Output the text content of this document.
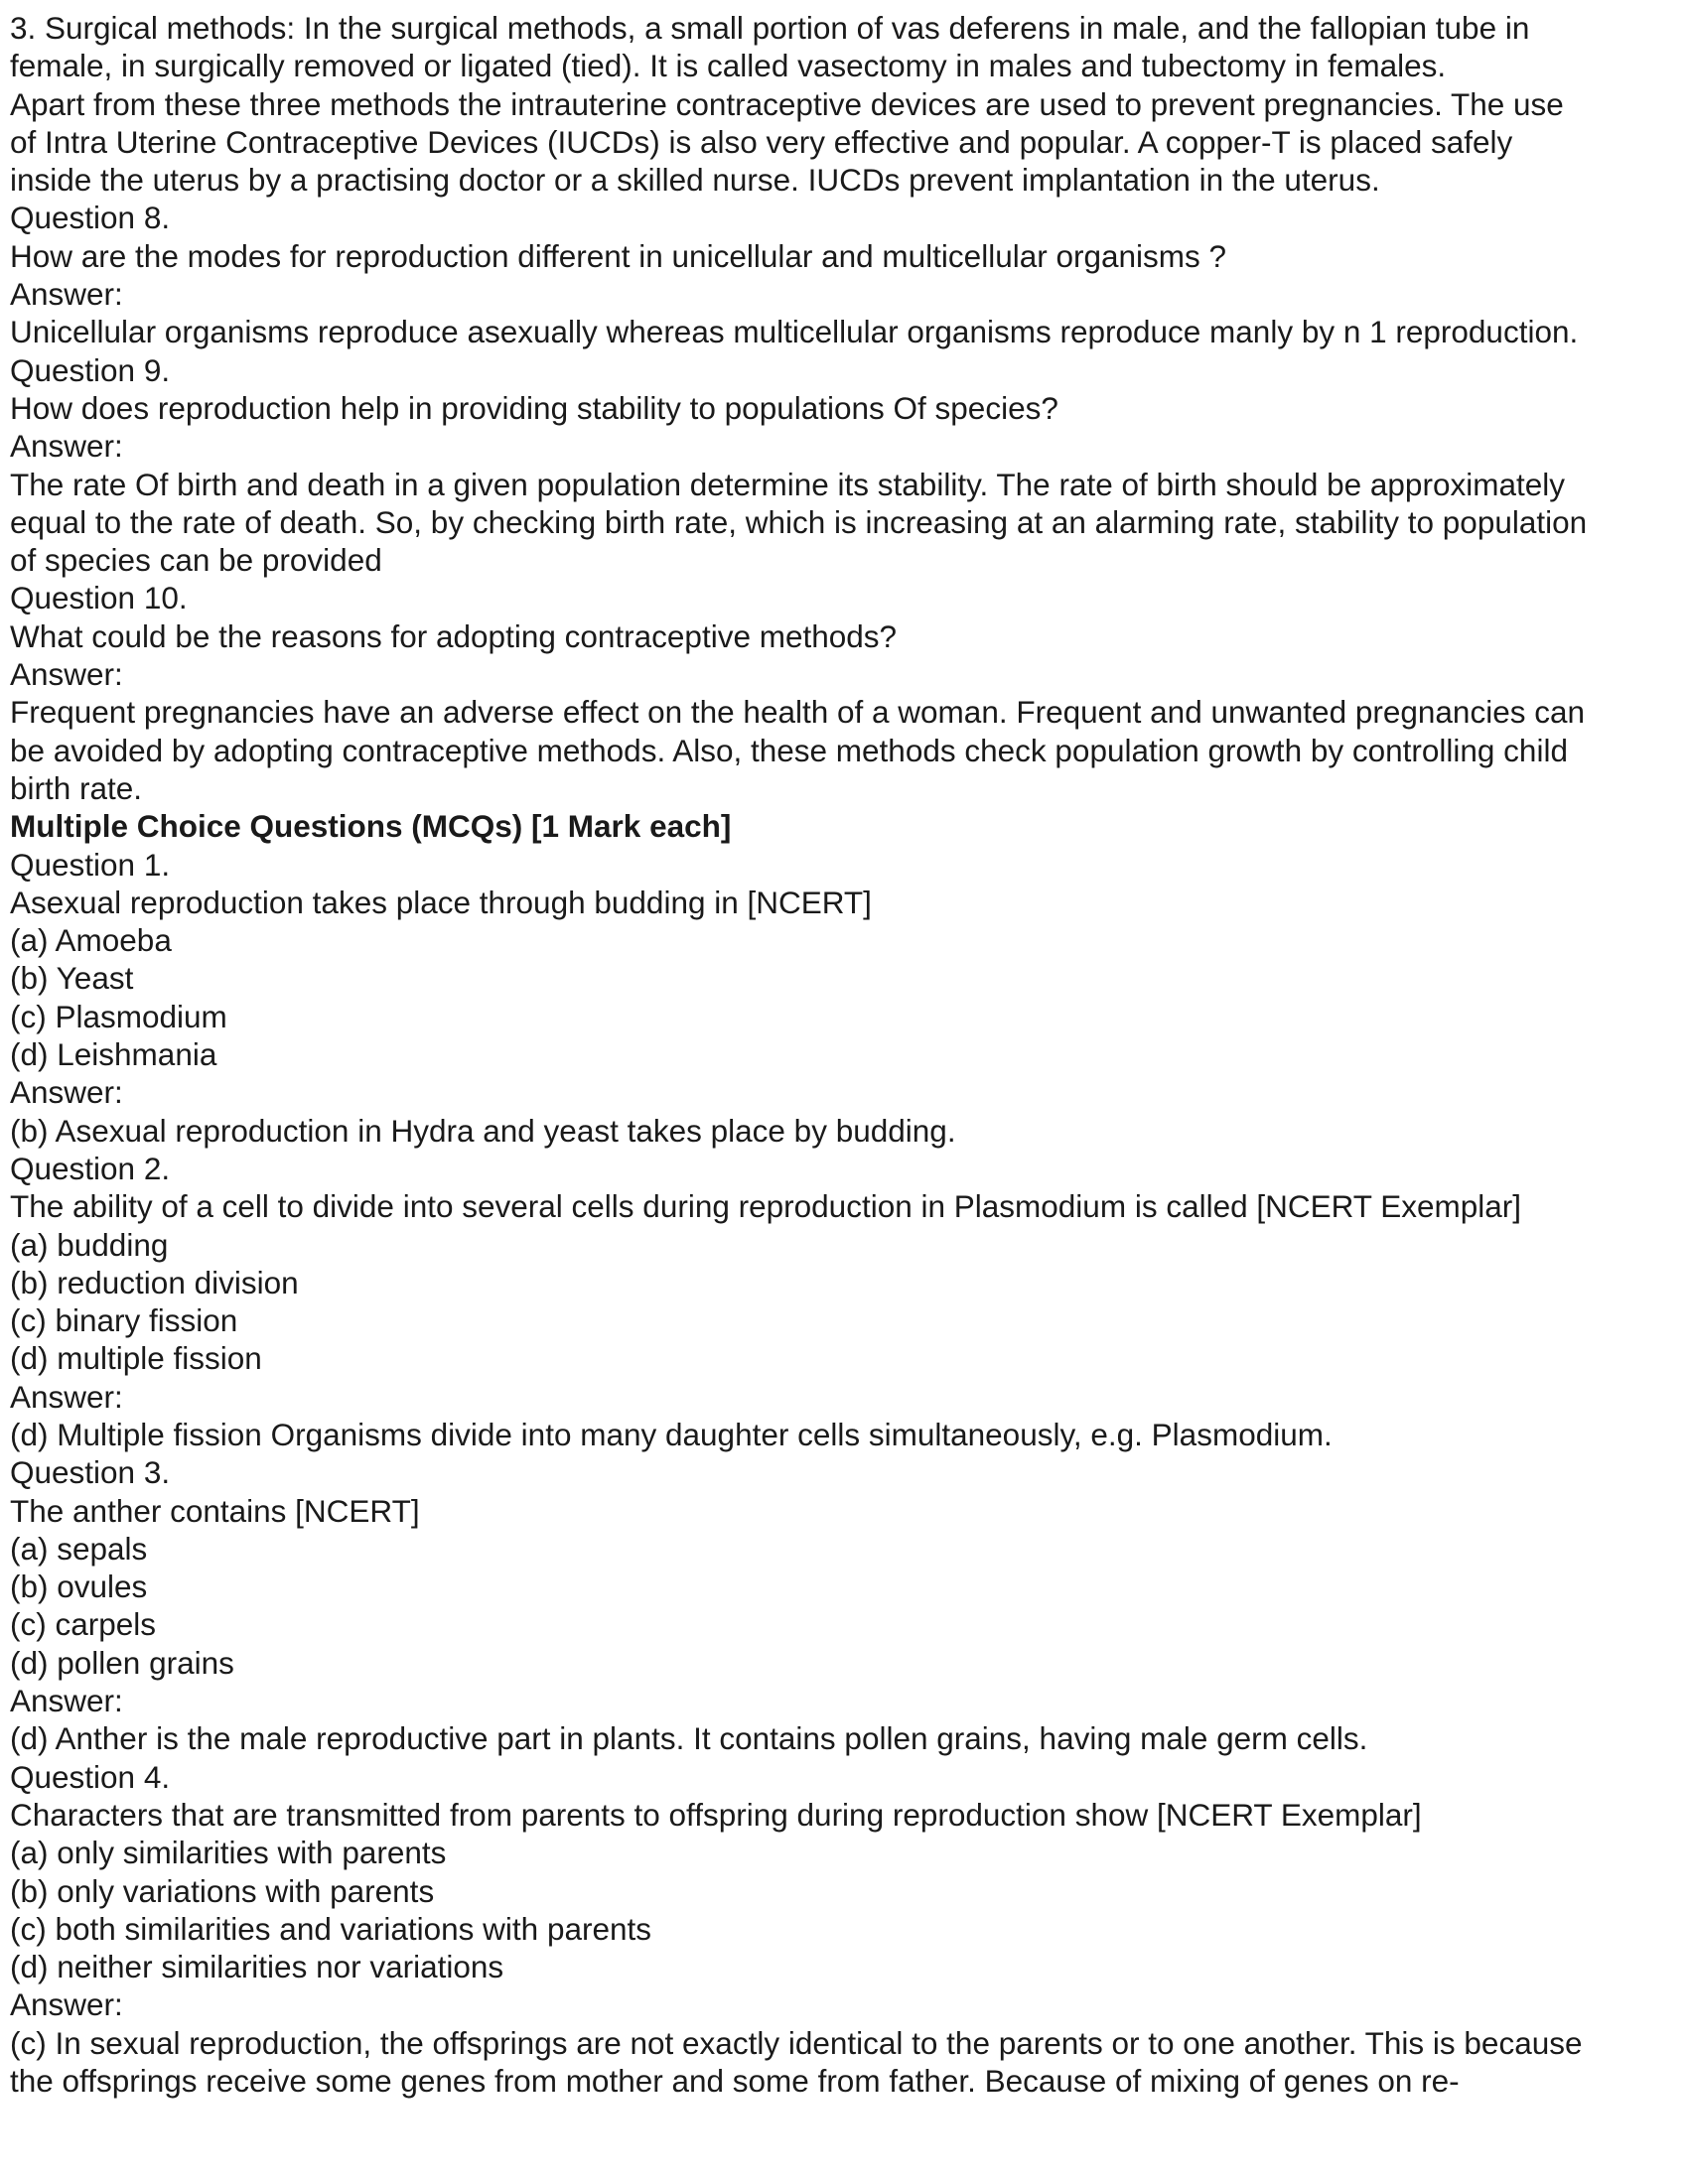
3. Surgical methods: In the surgical methods, a small portion of vas deferens in male, and the fallopian tube in
female, in surgically removed or ligated (tied). It is called vasectomy in males and tubectomy in females.
Apart from these three methods the intrauterine contraceptive devices are used to prevent pregnancies. The use
of Intra Uterine Contraceptive Devices (IUCDs) is also very effective and popular. A copper-T is placed safely
inside the uterus by a practising doctor or a skilled nurse. IUCDs prevent implantation in the uterus.
Question 8.
How are the modes for reproduction different in unicellular and multicellular organisms ?
Answer:
Unicellular organisms reproduce asexually whereas multicellular organisms reproduce manly by n 1 reproduction.
Question 9.
How does reproduction help in providing stability to populations Of species?
Answer:
The rate Of birth and death in a given population determine its stability. The rate of birth should be approximately
equal to the rate of death. So, by checking birth rate, which is increasing at an alarming rate, stability to population
of species can be provided
Question 10.
What could be the reasons for adopting contraceptive methods?
Answer:
Frequent pregnancies have an adverse effect on the health of a woman. Frequent and unwanted pregnancies can
be avoided by adopting contraceptive methods. Also, these methods check population growth by controlling child
birth rate.
Multiple Choice Questions (MCQs) [1 Mark each]
Question 1.
Asexual reproduction takes place through budding in [NCERT]
(a) Amoeba
(b) Yeast
(c) Plasmodium
(d) Leishmania
Answer:
(b) Asexual reproduction in Hydra and yeast takes place by budding.
Question 2.
The ability of a cell to divide into several cells during reproduction in Plasmodium is called [NCERT Exemplar]
(a) budding
(b) reduction division
(c) binary fission
(d) multiple fission
Answer:
(d) Multiple fission Organisms divide into many daughter cells simultaneously, e.g. Plasmodium.
Question 3.
The anther contains [NCERT]
(a) sepals
(b) ovules
(c) carpels
(d) pollen grains
Answer:
(d) Anther is the male reproductive part in plants. It contains pollen grains, having male germ cells.
Question 4.
Characters that are transmitted from parents to offspring during reproduction show [NCERT Exemplar]
(a) only similarities with parents
(b) only variations with parents
(c) both similarities and variations with parents
(d) neither similarities nor variations
Answer:
(c) In sexual reproduction, the offsprings are not exactly identical to the parents or to one another. This is because
the offsprings receive some genes from mother and some from father. Because of mixing of genes on re-
